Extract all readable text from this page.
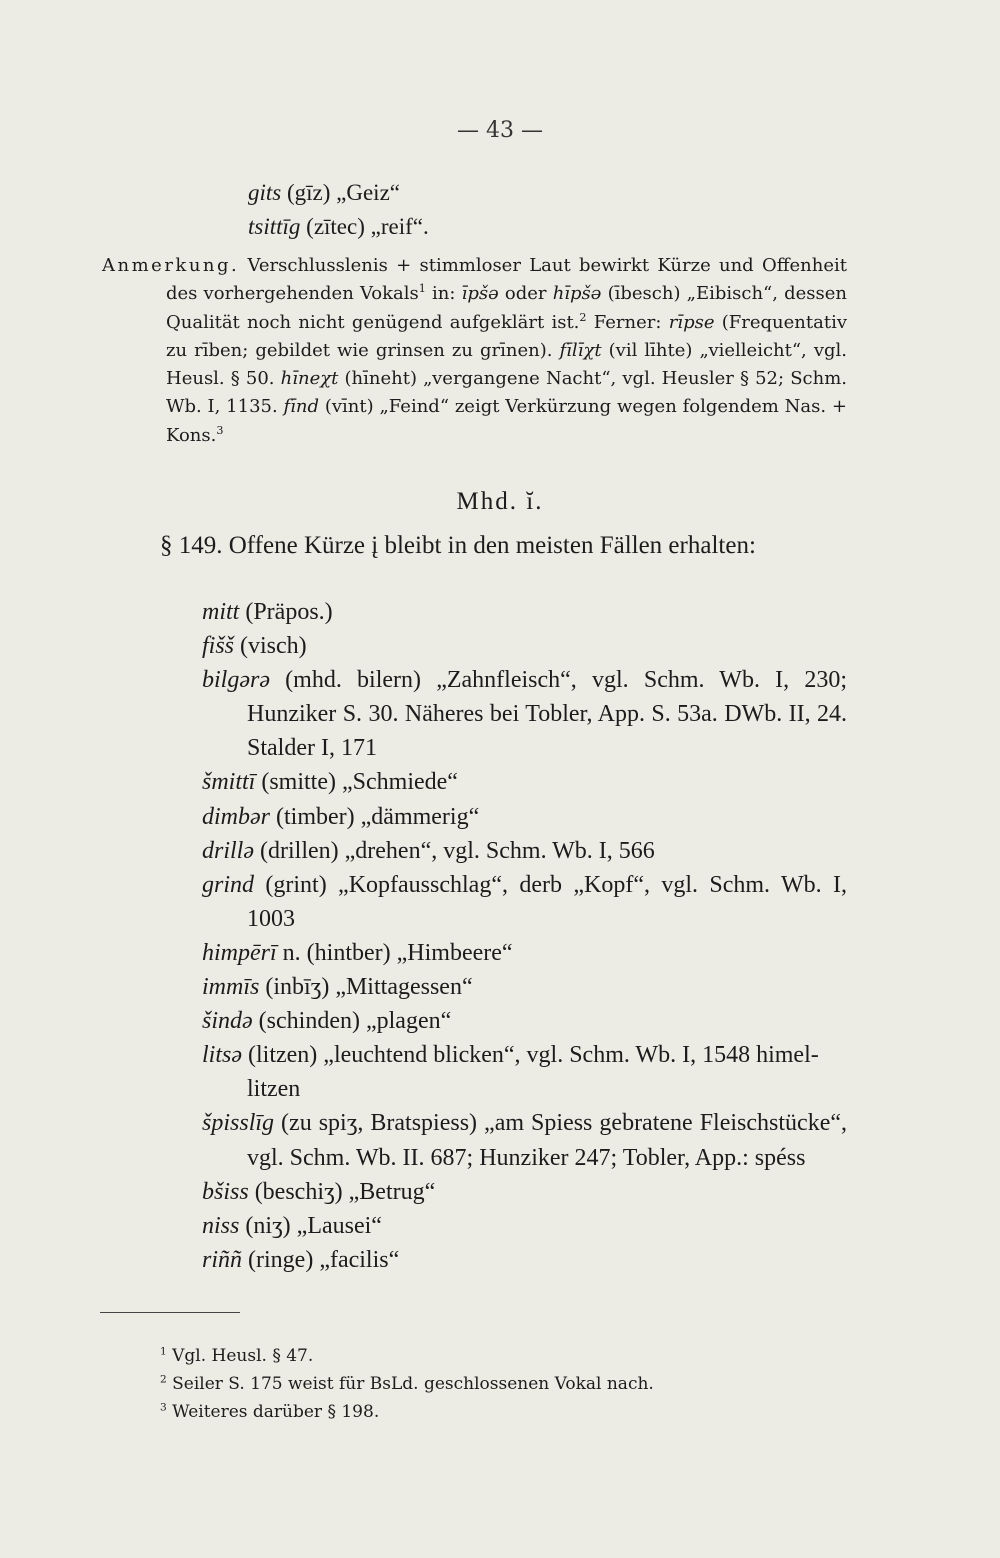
— 43 —
gits (gīz) „Geiz“
tsittīg (zītec) „reif“.
Anmerkung. Verschlusslenis + stimmloser Laut bewirkt Kürze und Offenheit des vorhergehenden Vokals$^1$ in: īpšə oder hīpšə (ībesch) „Eibisch“, dessen Qualität noch nicht genügend aufgeklärt ist.$^2$ Ferner: rīpse (Frequentativ zu rīben; gebildet wie grinsen zu grīnen). fīlīχt (vil līhte) „vielleicht“, vgl. Heusl. § 50. hīneχt (hīneht) „vergangene Nacht“, vgl. Heusler § 52; Schm. Wb. I, 1135. fīnd (vīnt) „Feind“ zeigt Verkürzung wegen folgendem Nas. + Kons.$^3$
Mhd. ĭ.
§ 149. Offene Kürze į bleibt in den meisten Fällen erhalten:
mitt (Präpos.)
fišš (visch)
bilgərə (mhd. bilern) „Zahnfleisch“, vgl. Schm. Wb. I, 230; Hunziker S. 30. Näheres bei Tobler, App. S. 53a. DWb. II, 24. Stalder I, 171
šmittī (smitte) „Schmiede“
dimbər (timber) „dämmerig“
drillə (drillen) „drehen“, vgl. Schm. Wb. I, 566
grind (grint) „Kopfausschlag“, derb „Kopf“, vgl. Schm. Wb. I, 1003
himpērī n. (hintber) „Himbeere“
immīs (inbīʒ) „Mittagessen“
šində (schinden) „plagen“
litsə (litzen) „leuchtend blicken“, vgl. Schm. Wb. I, 1548 himel-litzen
špisslīg (zu spiʒ, Bratspiess) „am Spiess gebratene Fleischstücke“, vgl. Schm. Wb. II. 687; Hunziker 247; Tobler, App.: spéss
bšiss (beschiʒ) „Betrug“
niss (niʒ) „Lausei“
riññ (ringe) „facilis“
$^1$ Vgl. Heusl. § 47.
$^2$ Seiler S. 175 weist für BsLd. geschlossenen Vokal nach.
$^3$ Weiteres darüber § 198.
